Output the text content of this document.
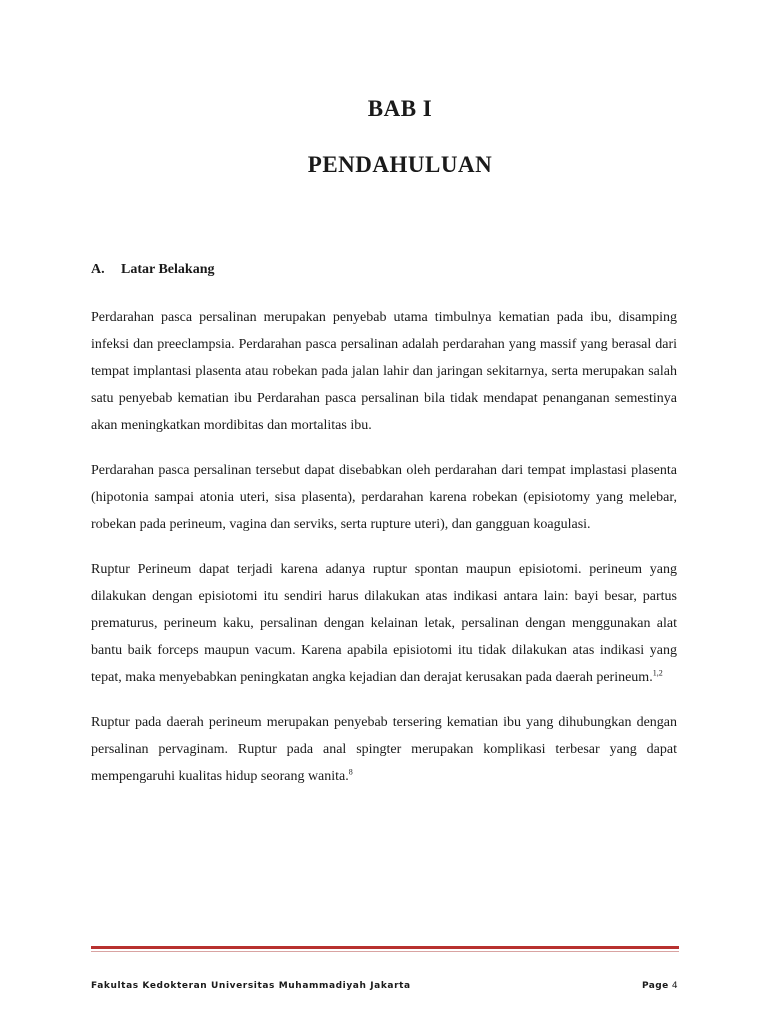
BAB I
PENDAHULUAN
A. Latar Belakang

Perdarahan pasca persalinan merupakan penyebab utama timbulnya kematian pada ibu, disamping infeksi dan preeclampsia. Perdarahan pasca persalinan adalah perdarahan yang massif yang berasal dari tempat implantasi plasenta atau robekan pada jalan lahir dan jaringan sekitarnya, serta merupakan salah satu penyebab kematian ibu Perdarahan pasca persalinan bila tidak mendapat penanganan semestinya akan meningkatkan mordibitas dan mortalitas ibu.

Perdarahan pasca persalinan tersebut dapat disebabkan oleh perdarahan dari tempat implastasi plasenta (hipotonia sampai atonia uteri, sisa plasenta), perdarahan karena robekan (episiotomy yang melebar, robekan pada perineum, vagina dan serviks, serta rupture uteri), dan gangguan koagulasi.

Ruptur Perineum dapat terjadi karena adanya ruptur spontan maupun episiotomi. perineum yang dilakukan dengan episiotomi itu sendiri harus dilakukan atas indikasi antara lain: bayi besar, partus prematurus, perineum kaku, persalinan dengan kelainan letak, persalinan dengan menggunakan alat bantu baik forceps maupun vacum. Karena apabila episiotomi itu tidak dilakukan atas indikasi yang tepat, maka menyebabkan peningkatan angka kejadian dan derajat kerusakan pada daerah perineum.$^{1,2}$

Ruptur pada daerah perineum merupakan penyebab tersering kematian ibu yang dihubungkan dengan persalinan pervaginam. Ruptur pada anal spingter merupakan komplikasi terbesar yang dapat mempengaruhi kualitas hidup seorang wanita.$^8$

Fakultas Kedokteran Universitas Muhammadiyah Jakarta	Page 4
